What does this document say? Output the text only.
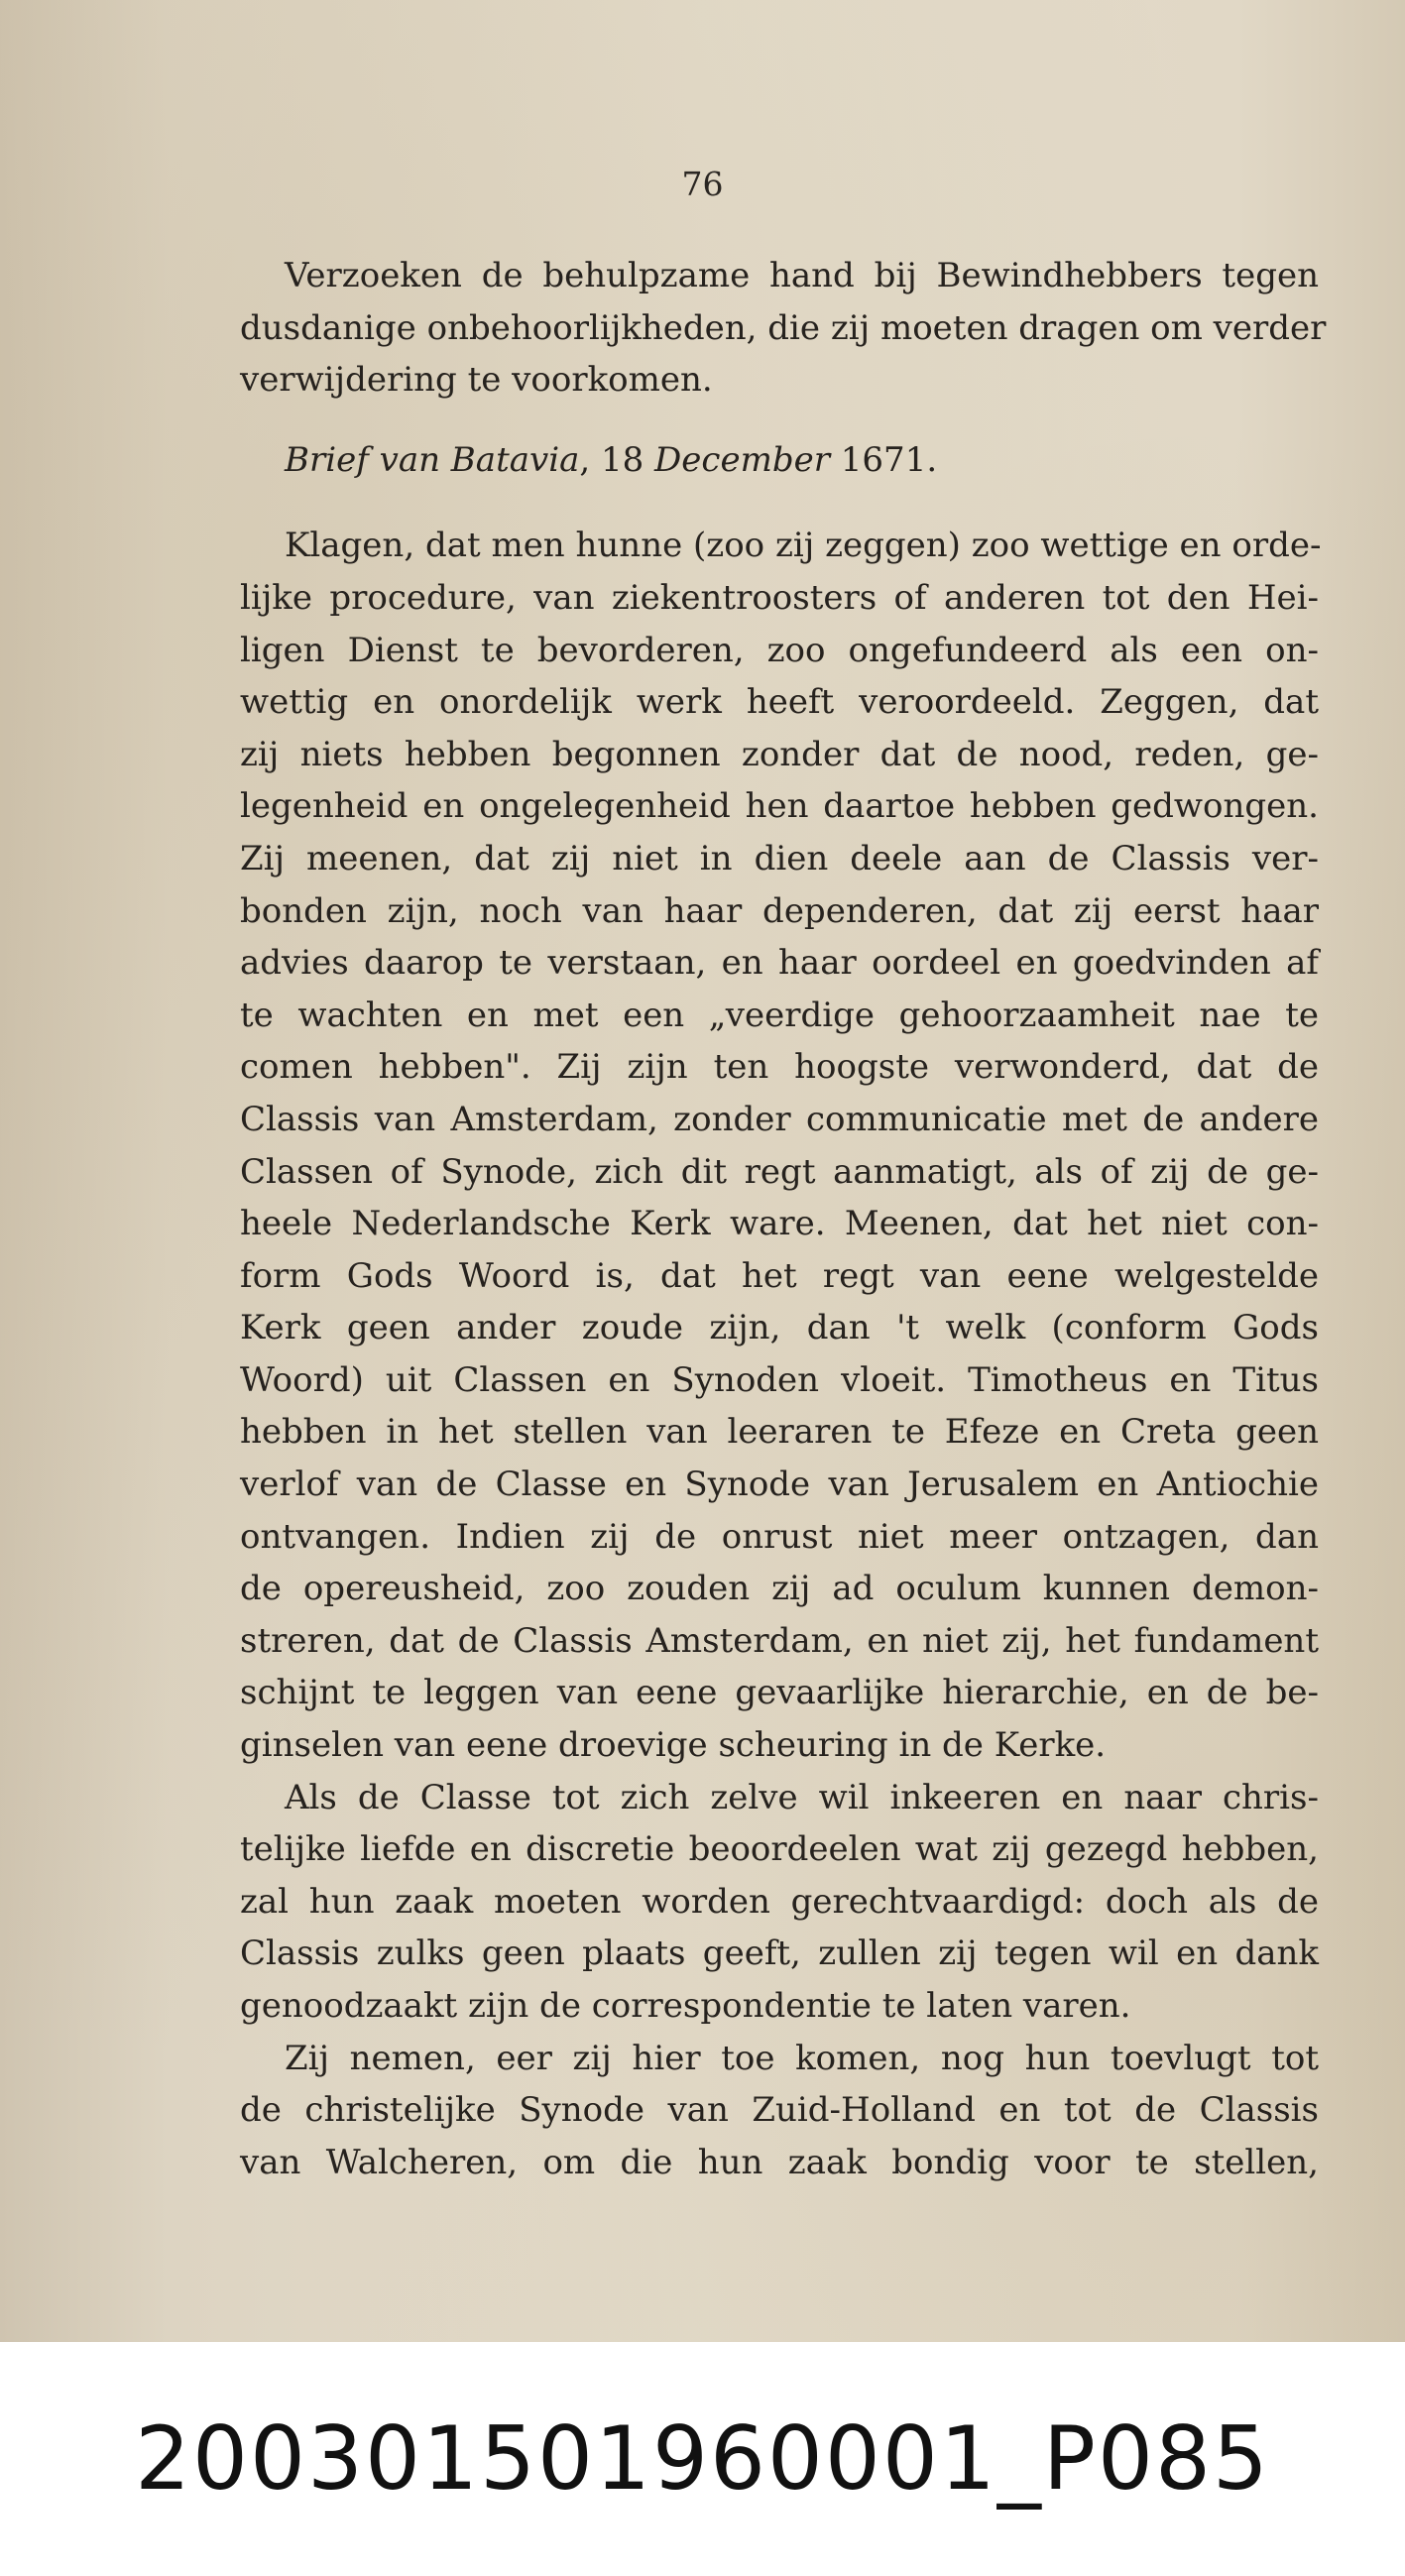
76
Verzoeken de behulpzame hand bij Bewindhebbers tegen
dusdanige onbehoorlijkheden, die zij moeten dragen om verder
verwijdering te voorkomen.
Brief van Batavia, 18 December 1671.
Klagen, dat men hunne (zoo zij zeggen) zoo wettige en orde-
lijke procedure, van ziekentroosters of anderen tot den Hei-
ligen Dienst te bevorderen, zoo ongefundeerd als een on-
wettig en onordelijk werk heeft veroordeeld. Zeggen, dat
zij niets hebben begonnen zonder dat de nood, reden, ge-
legenheid en ongelegenheid hen daartoe hebben gedwongen.
Zij meenen, dat zij niet in dien deele aan de Classis ver-
bonden zijn, noch van haar dependeren, dat zij eerst haar
advies daarop te verstaan, en haar oordeel en goedvinden af
te wachten en met een „veerdige gehoorzaamheit nae te
comen hebben". Zij zijn ten hoogste verwonderd, dat de
Classis van Amsterdam, zonder communicatie met de andere
Classen of Synode, zich dit regt aanmatigt, als of zij de ge-
heele Nederlandsche Kerk ware. Meenen, dat het niet con-
form Gods Woord is, dat het regt van eene welgestelde
Kerk geen ander zoude zijn, dan 't welk (conform Gods
Woord) uit Classen en Synoden vloeit. Timotheus en Titus
hebben in het stellen van leeraren te Efeze en Creta geen
verlof van de Classe en Synode van Jerusalem en Antiochie
ontvangen. Indien zij de onrust niet meer ontzagen, dan
de opereusheid, zoo zouden zij ad oculum kunnen demon-
streren, dat de Classis Amsterdam, en niet zij, het fundament
schijnt te leggen van eene gevaarlijke hierarchie, en de be-
ginselen van eene droevige scheuring in de Kerke.
Als de Classe tot zich zelve wil inkeeren en naar chris-
telijke liefde en discretie beoordeelen wat zij gezegd hebben,
zal hun zaak moeten worden gerechtvaardigd: doch als de
Classis zulks geen plaats geeft, zullen zij tegen wil en dank
genoodzaakt zijn de correspondentie te laten varen.
Zij nemen, eer zij hier toe komen, nog hun toevlugt tot
de christelijke Synode van Zuid-Holland en tot de Classis
van Walcheren, om die hun zaak bondig voor te stellen,
200301501960001_P085
